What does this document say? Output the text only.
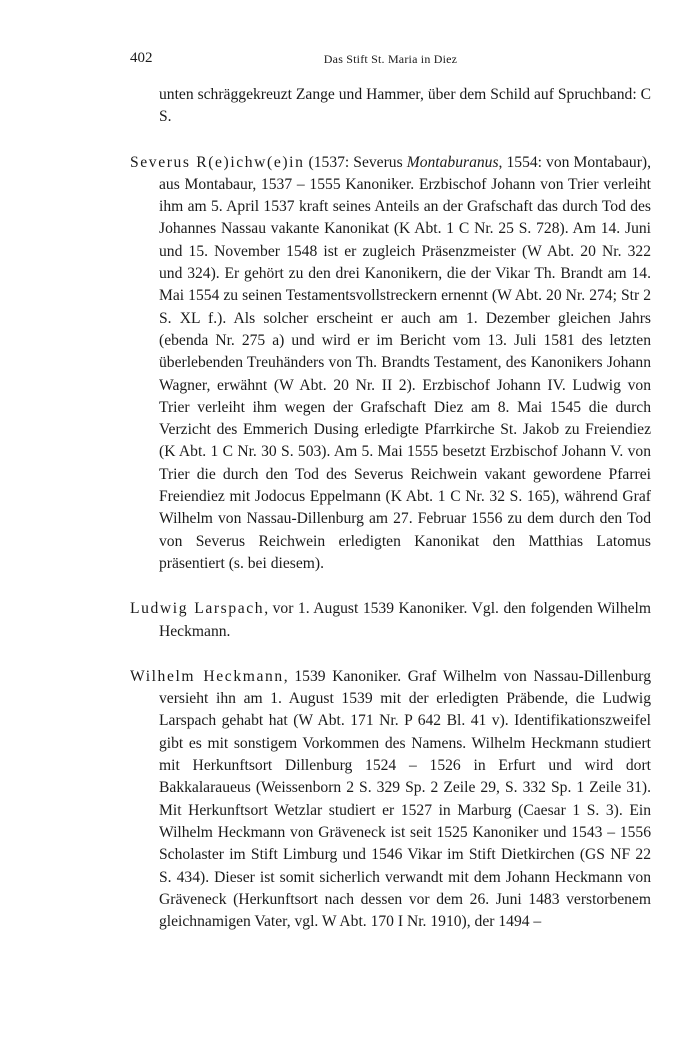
402	Das Stift St. Maria in Diez

unten schräggekreuzt Zange und Hammer, über dem Schild auf Spruchband: C S.

Severus R(e)ichw(e)in (1537: Severus Montaburanus, 1554: von Montabaur), aus Montabaur, 1537 – 1555 Kanoniker. Erzbischof Johann von Trier verleiht ihm am 5. April 1537 kraft seines Anteils an der Grafschaft das durch Tod des Johannes Nassau vakante Kanonikat (K Abt. 1 C Nr. 25 S. 728). Am 14. Juni und 15. November 1548 ist er zugleich Präsenzmeister (W Abt. 20 Nr. 322 und 324). Er gehört zu den drei Kanonikern, die der Vikar Th. Brandt am 14. Mai 1554 zu seinen Testamentsvollstreckern ernennt (W Abt. 20 Nr. 274; Str 2 S. XL f.). Als solcher erscheint er auch am 1. Dezember gleichen Jahrs (ebenda Nr. 275 a) und wird er im Bericht vom 13. Juli 1581 des letzten überlebenden Treuhänders von Th. Brandts Testament, des Kanonikers Johann Wagner, erwähnt (W Abt. 20 Nr. II 2). Erzbischof Johann IV. Ludwig von Trier verleiht ihm wegen der Grafschaft Diez am 8. Mai 1545 die durch Verzicht des Emmerich Dusing erledigte Pfarrkirche St. Jakob zu Freiendiez (K Abt. 1 C Nr. 30 S. 503). Am 5. Mai 1555 besetzt Erzbischof Johann V. von Trier die durch den Tod des Severus Reichwein vakant gewordene Pfarrei Freiendiez mit Jodocus Eppelmann (K Abt. 1 C Nr. 32 S. 165), während Graf Wilhelm von Nassau-Dillenburg am 27. Februar 1556 zu dem durch den Tod von Severus Reichwein erledigten Kanonikat den Matthias Latomus präsentiert (s. bei diesem).

Ludwig Larspach, vor 1. August 1539 Kanoniker. Vgl. den folgenden Wilhelm Heckmann.

Wilhelm Heckmann, 1539 Kanoniker. Graf Wilhelm von Nassau-Dillenburg versieht ihn am 1. August 1539 mit der erledigten Präbende, die Ludwig Larspach gehabt hat (W Abt. 171 Nr. P 642 Bl. 41 v). Identifikationszweifel gibt es mit sonstigem Vorkommen des Namens. Wilhelm Heckmann studiert mit Herkunftsort Dillenburg 1524 – 1526 in Erfurt und wird dort Bakkalaraueus (Weissenborn 2 S. 329 Sp. 2 Zeile 29, S. 332 Sp. 1 Zeile 31). Mit Herkunftsort Wetzlar studiert er 1527 in Marburg (Caesar 1 S. 3). Ein Wilhelm Heckmann von Gräveneck ist seit 1525 Kanoniker und 1543 – 1556 Scholaster im Stift Limburg und 1546 Vikar im Stift Dietkirchen (GS NF 22 S. 434). Dieser ist somit sicherlich verwandt mit dem Johann Heckmann von Gräveneck (Herkunftsort nach dessen vor dem 26. Juni 1483 verstorbenem gleichnamigen Vater, vgl. W Abt. 170 I Nr. 1910), der 1494 –
